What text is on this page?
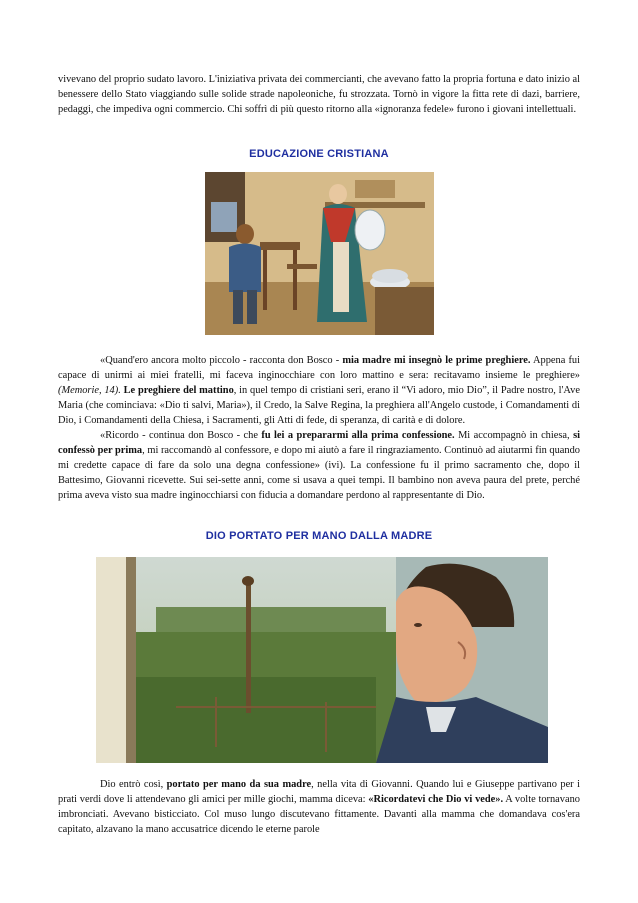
vivevano del proprio sudato lavoro. L'iniziativa privata dei commercianti, che avevano fatto la propria fortuna e dato inizio al benessere dello Stato viaggiando sulle solide strade napoleoniche, fu strozzata. Tornò in vigore la fitta rete di dazi, barriere, pedaggi, che impediva ogni commercio. Chi soffrì di più questo ritorno alla «ignoranza fedele» furono i giovani intellettuali.

EDUCAZIONE CRISTIANA

«Quand'ero ancora molto piccolo - racconta don Bosco - mia madre mi insegnò le prime preghiere. Appena fui capace di unirmi ai miei fratelli, mi faceva inginocchiare con loro mattino e sera: recitavamo insieme le preghiere» (Memorie, 14). Le preghiere del mattino, in quel tempo di cristiani seri, erano il “Vi adoro, mio Dio”, il Padre nostro, l'Ave Maria (che cominciava: «Dio ti salvi, Maria»), il Credo, la Salve Regina, la preghiera all'Angelo custode, i Comandamenti di Dio, i Comandamenti della Chiesa, i Sacramenti, gli Atti di fede, di speranza, di carità e di dolore.

«Ricordo - continua don Bosco - che fu lei a prepararmi alla prima confessione. Mi accompagnò in chiesa, si confessò per prima, mi raccomandò al confessore, e dopo mi aiutò a fare il ringraziamento. Continuò ad aiutarmi fin quando mi credette capace di fare da solo una degna confessione» (ivi). La confessione fu il primo sacramento che, dopo il Battesimo, Giovanni ricevette. Sui sei-sette anni, come si usava a quei tempi. Il bambino non aveva paura del prete, perché prima aveva visto sua madre inginocchiarsi con fiducia a domandare perdono al rappresentante di Dio.

DIO PORTATO PER MANO DALLA MADRE

Dio entrò così, portato per mano da sua madre, nella vita di Giovanni. Quando lui e Giuseppe partivano per i prati verdi dove li attendevano gli amici per mille giochi, mamma diceva: «Ricordatevi che Dio vi vede». A volte tornavano imbronciati. Avevano bisticciato. Col muso lungo discutevano fittamente. Davanti alla mamma che domandava cos'era capitato, alzavano la mano accusatrice dicendo le eterne parole
